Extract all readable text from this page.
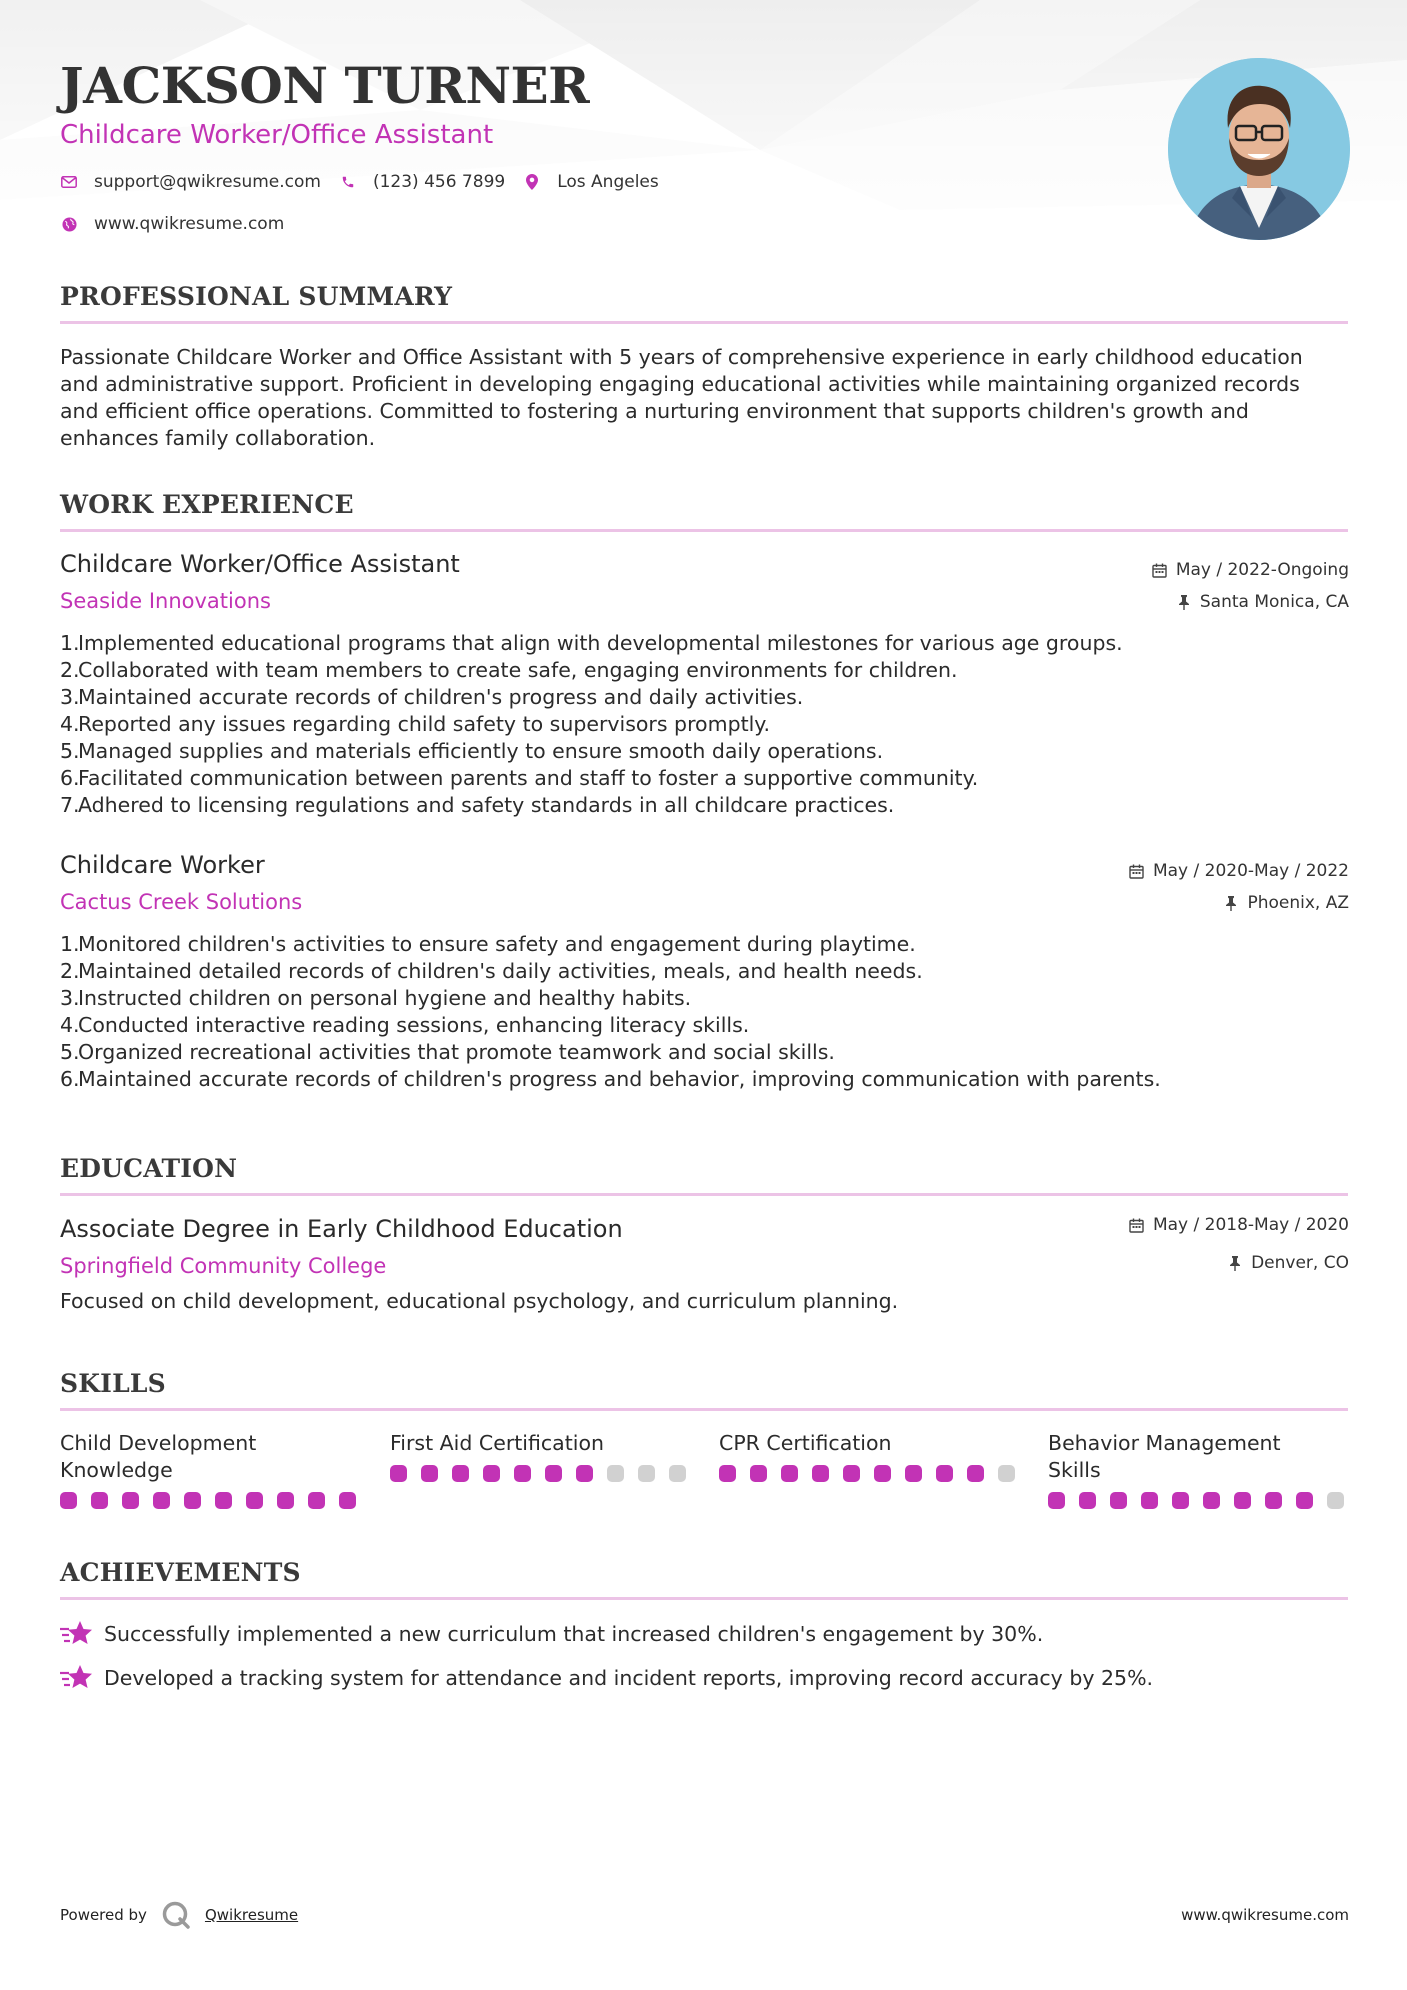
JACKSON TURNER
Childcare Worker/Office Assistant
support@qwikresume.com	(123) 456 7899	Los Angeles
www.qwikresume.com
PROFESSIONAL SUMMARY
Passionate Childcare Worker and Office Assistant with 5 years of comprehensive experience in early childhood education
and administrative support. Proficient in developing engaging educational activities while maintaining organized records
and efficient office operations. Committed to fostering a nurturing environment that supports children's growth and
enhances family collaboration.
WORK EXPERIENCE
Childcare Worker/Office Assistant
Seaside Innovations
May / 2022-Ongoing
Santa Monica, CA
1.
Implemented educational programs that align with developmental milestones for various age groups.
2.
Collaborated with team members to create safe, engaging environments for children.
3.
Maintained accurate records of children's progress and daily activities.
4.
Reported any issues regarding child safety to supervisors promptly.
5.
Managed supplies and materials efficiently to ensure smooth daily operations.
6.
Facilitated communication between parents and staff to foster a supportive community.
7.
Adhered to licensing regulations and safety standards in all childcare practices.
Childcare Worker
Cactus Creek Solutions
May / 2020-May / 2022
Phoenix, AZ
1.
Monitored children's activities to ensure safety and engagement during playtime.
2.
Maintained detailed records of children's daily activities, meals, and health needs.
3.
Instructed children on personal hygiene and healthy habits.
4.
Conducted interactive reading sessions, enhancing literacy skills.
5.
Organized recreational activities that promote teamwork and social skills.
6.
Maintained accurate records of children's progress and behavior, improving communication with parents.
EDUCATION
Associate Degree in Early Childhood Education
Springfield Community College
May / 2018-May / 2020
Denver, CO
Focused on child development, educational psychology, and curriculum planning.
SKILLS
Child Development
Knowledge
First Aid Certification	CPR Certification	Behavior Management
Skills
ACHIEVEMENTS
Successfully implemented a new curriculum that increased children's engagement by 30%.
Developed a tracking system for attendance and incident reports, improving record accuracy by 25%.
Powered by	Qwikresume	www.qwikresume.com
